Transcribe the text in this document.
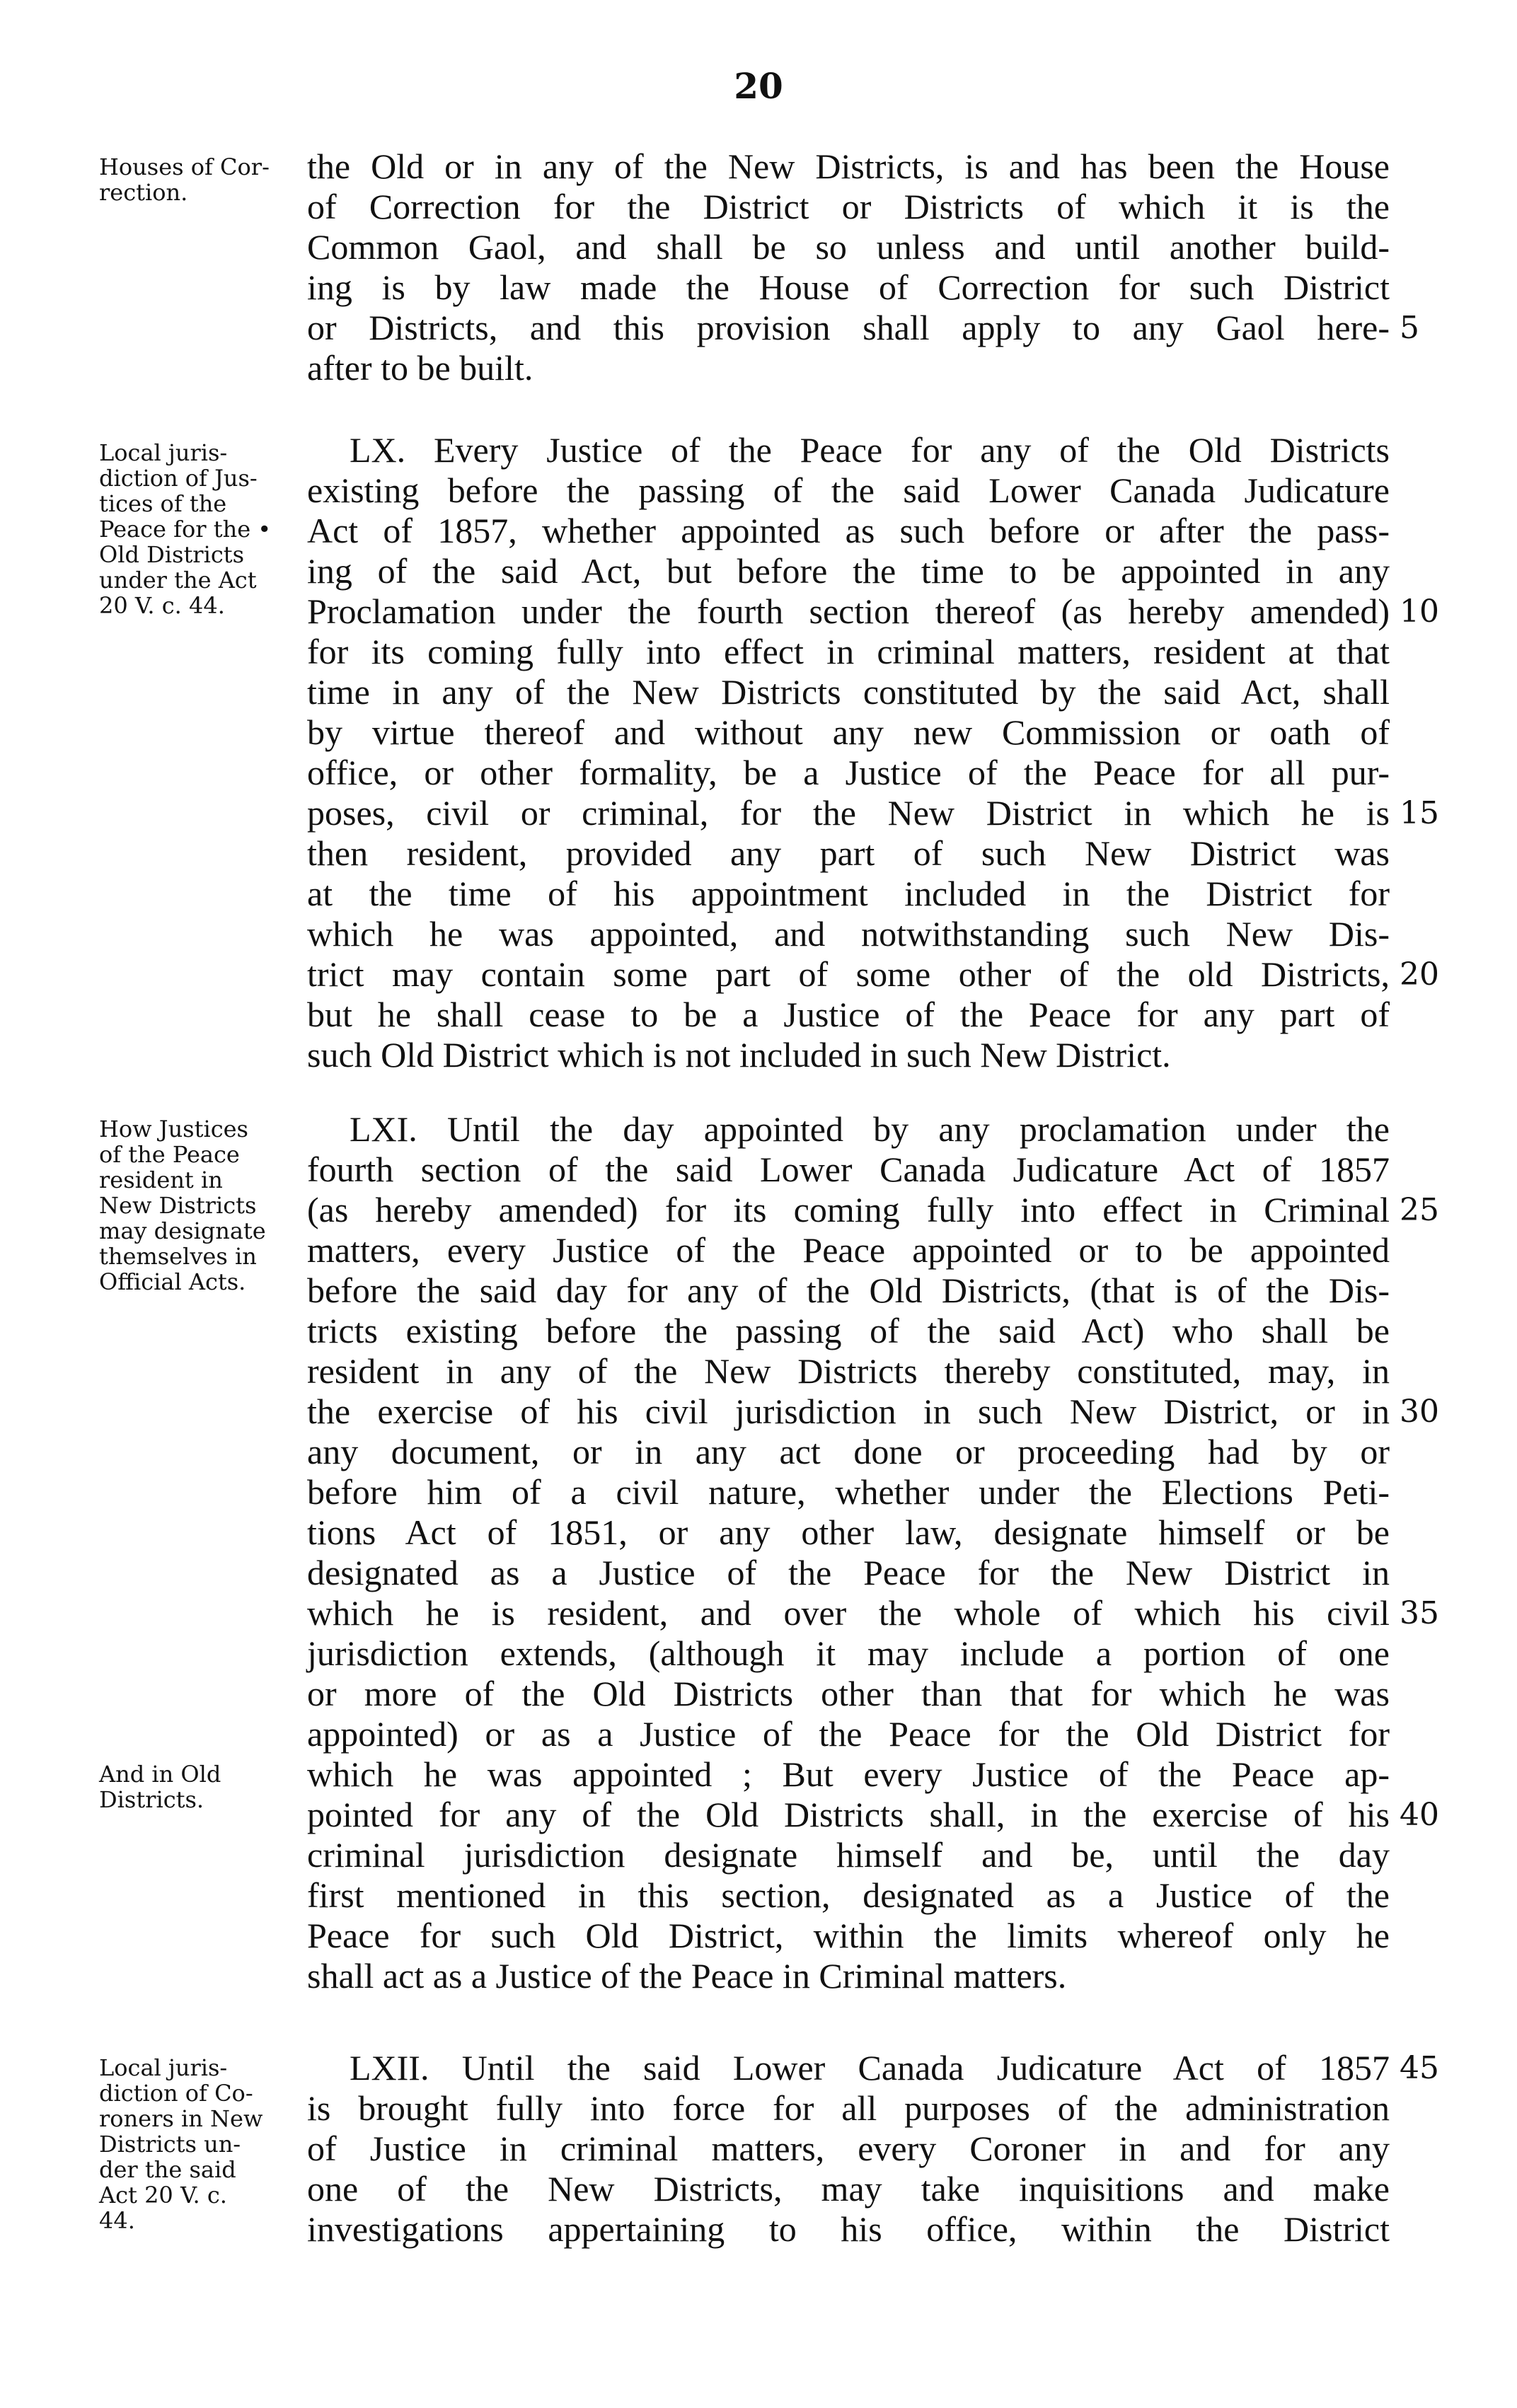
20
Houses of Cor-
rection.
Local juris-
diction of Jus-
tices of the
Peace for the •
Old Districts
under the Act
20 V. c. 44.
How Justices
of the Peace
resident in
New Districts
may designate
themselves in
Official Acts.
And in Old
Districts.
Local juris-
diction of Co-
roners in New
Districts un-
der the said
Act 20 V. c.
44.
the Old or in any of the New Districts, is and has been the House
of Correction for the District or Districts of which it is the
Common Gaol, and shall be so unless and until another build-
ing is by law made the House of Correction for such District
or Districts, and this provision shall apply to any Gaol here-
after to be built.
LX. Every Justice of the Peace for any of the Old Districts
existing before the passing of the said Lower Canada Judicature
Act of 1857, whether appointed as such before or after the pass-
ing of the said Act, but before the time to be appointed in any
Proclamation under the fourth section thereof (as hereby amended)
for its coming fully into effect in criminal matters, resident at that
time in any of the New Districts constituted by the said Act, shall
by virtue thereof and without any new Commission or oath of
office, or other formality, be a Justice of the Peace for all pur-
poses, civil or criminal, for the New District in which he is
then resident, provided any part of such New District was
at the time of his appointment included in the District for
which he was appointed, and notwithstanding such New Dis-
trict may contain some part of some other of the old Districts,
but he shall cease to be a Justice of the Peace for any part of
such Old District which is not included in such New District.
LXI. Until the day appointed by any proclamation under the
fourth section of the said Lower Canada Judicature Act of 1857
(as hereby amended) for its coming fully into effect in Criminal
matters, every Justice of the Peace appointed or to be appointed
before the said day for any of the Old Districts, (that is of the Dis-
tricts existing before the passing of the said Act) who shall be
resident in any of the New Districts thereby constituted, may, in
the exercise of his civil jurisdiction in such New District, or in
any document, or in any act done or proceeding had by or
before him of a civil nature, whether under the Elections Peti-
tions Act of 1851, or any other law, designate himself or be
designated as a Justice of the Peace for the New District in
which he is resident, and over the whole of which his civil
jurisdiction extends, (although it may include a portion of one
or more of the Old Districts other than that for which he was
appointed) or as a Justice of the Peace for the Old District for
which he was appointed ; But every Justice of the Peace ap-
pointed for any of the Old Districts shall, in the exercise of his
criminal jurisdiction designate himself and be, until the day
first mentioned in this section, designated as a Justice of the
Peace for such Old District, within the limits whereof only he
shall act as a Justice of the Peace in Criminal matters.
LXII. Until the said Lower Canada Judicature Act of 1857
is brought fully into force for all purposes of the administration
of Justice in criminal matters, every Coroner in and for any
one of the New Districts, may take inquisitions and make
investigations appertaining to his office, within the District
5
10
15
20
25
30
35
40
45
